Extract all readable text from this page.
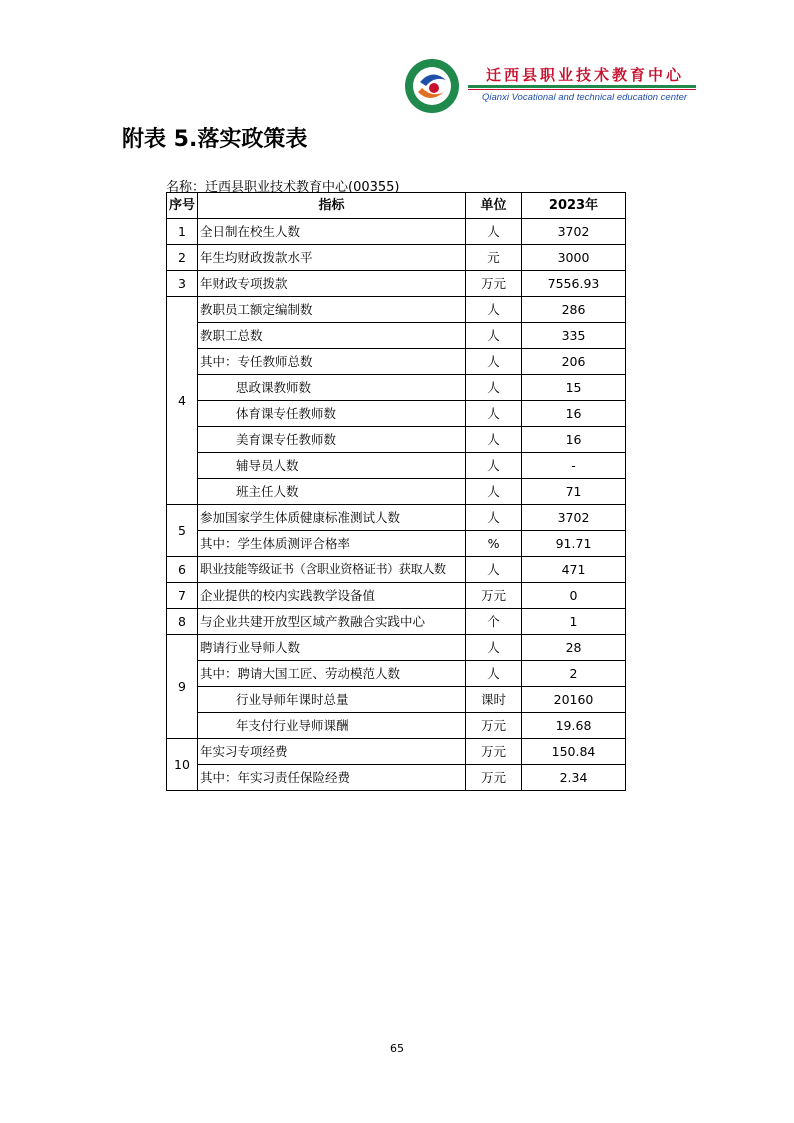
迁西县职业技术教育中心
Qianxi Vocational and technical education center
附表 5.落实政策表
名称：迁西县职业技术教育中心(00355)
序号	指标	单位	2023年
1	全日制在校生人数	人	3702
2	年生均财政拨款水平	元	3000
3	年财政专项拨款	万元	7556.93
4	教职员工额定编制数	人	286
	教职工总数	人	335
	其中：专任教师总数	人	206
	思政课教师数	人	15
	体育课专任教师数	人	16
	美育课专任教师数	人	16
	辅导员人数	人	-
	班主任人数	人	71
5	参加国家学生体质健康标准测试人数	人	3702
	其中：学生体质测评合格率	%	91.71
6	职业技能等级证书（含职业资格证书）获取人数	人	471
7	企业提供的校内实践教学设备值	万元	0
8	与企业共建开放型区域产教融合实践中心	个	1
9	聘请行业导师人数	人	28
	其中：聘请大国工匠、劳动模范人数	人	2
	行业导师年课时总量	课时	20160
	年支付行业导师课酬	万元	19.68
10	年实习专项经费	万元	150.84
	其中：年实习责任保险经费	万元	2.34
65
